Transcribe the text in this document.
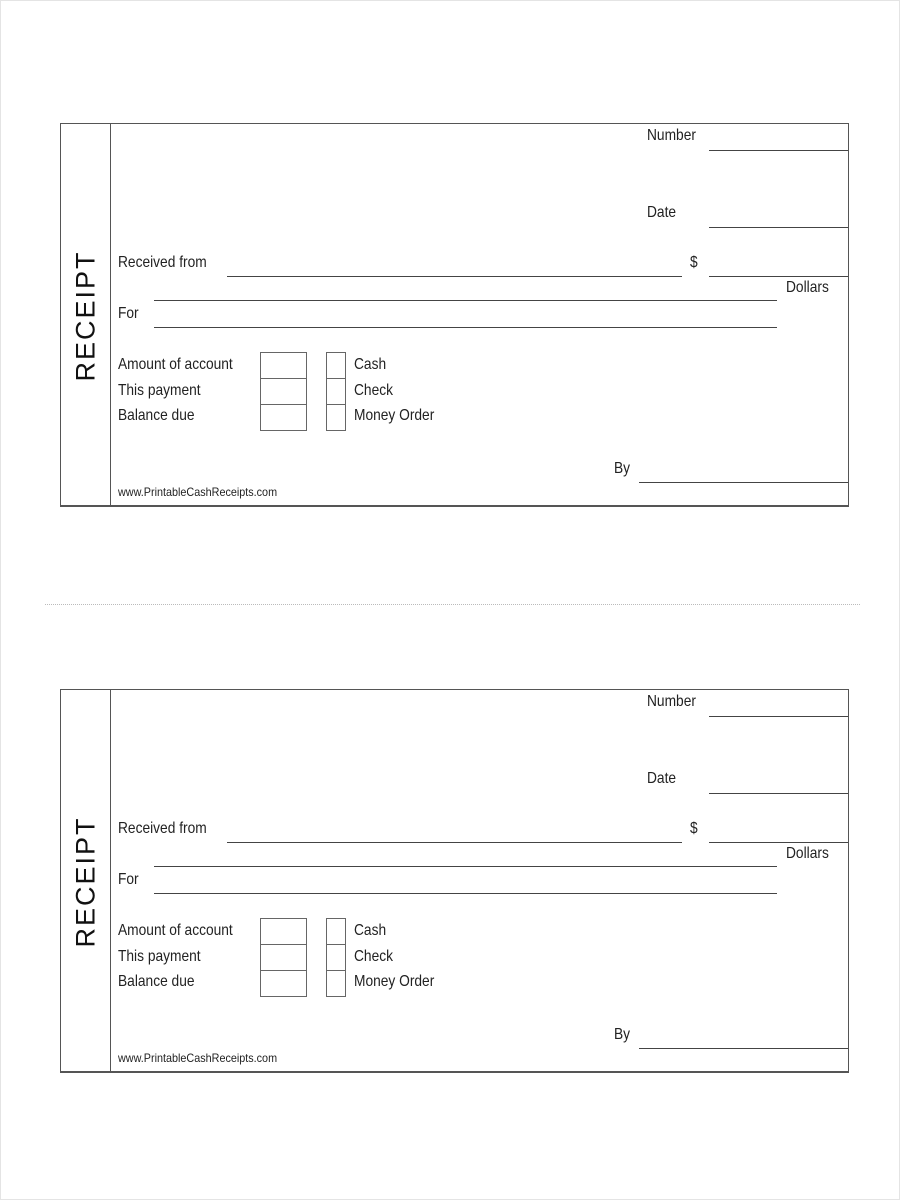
RECEIPT
Number
Date
Received from	$
Dollars
For
Amount of account
This payment
Balance due
Cash
Check
Money Order
By
www.PrintableCashReceipts.com
RECEIPT
Number
Date
Received from	$
Dollars
For
Amount of account
This payment
Balance due
Cash
Check
Money Order
By
www.PrintableCashReceipts.com
